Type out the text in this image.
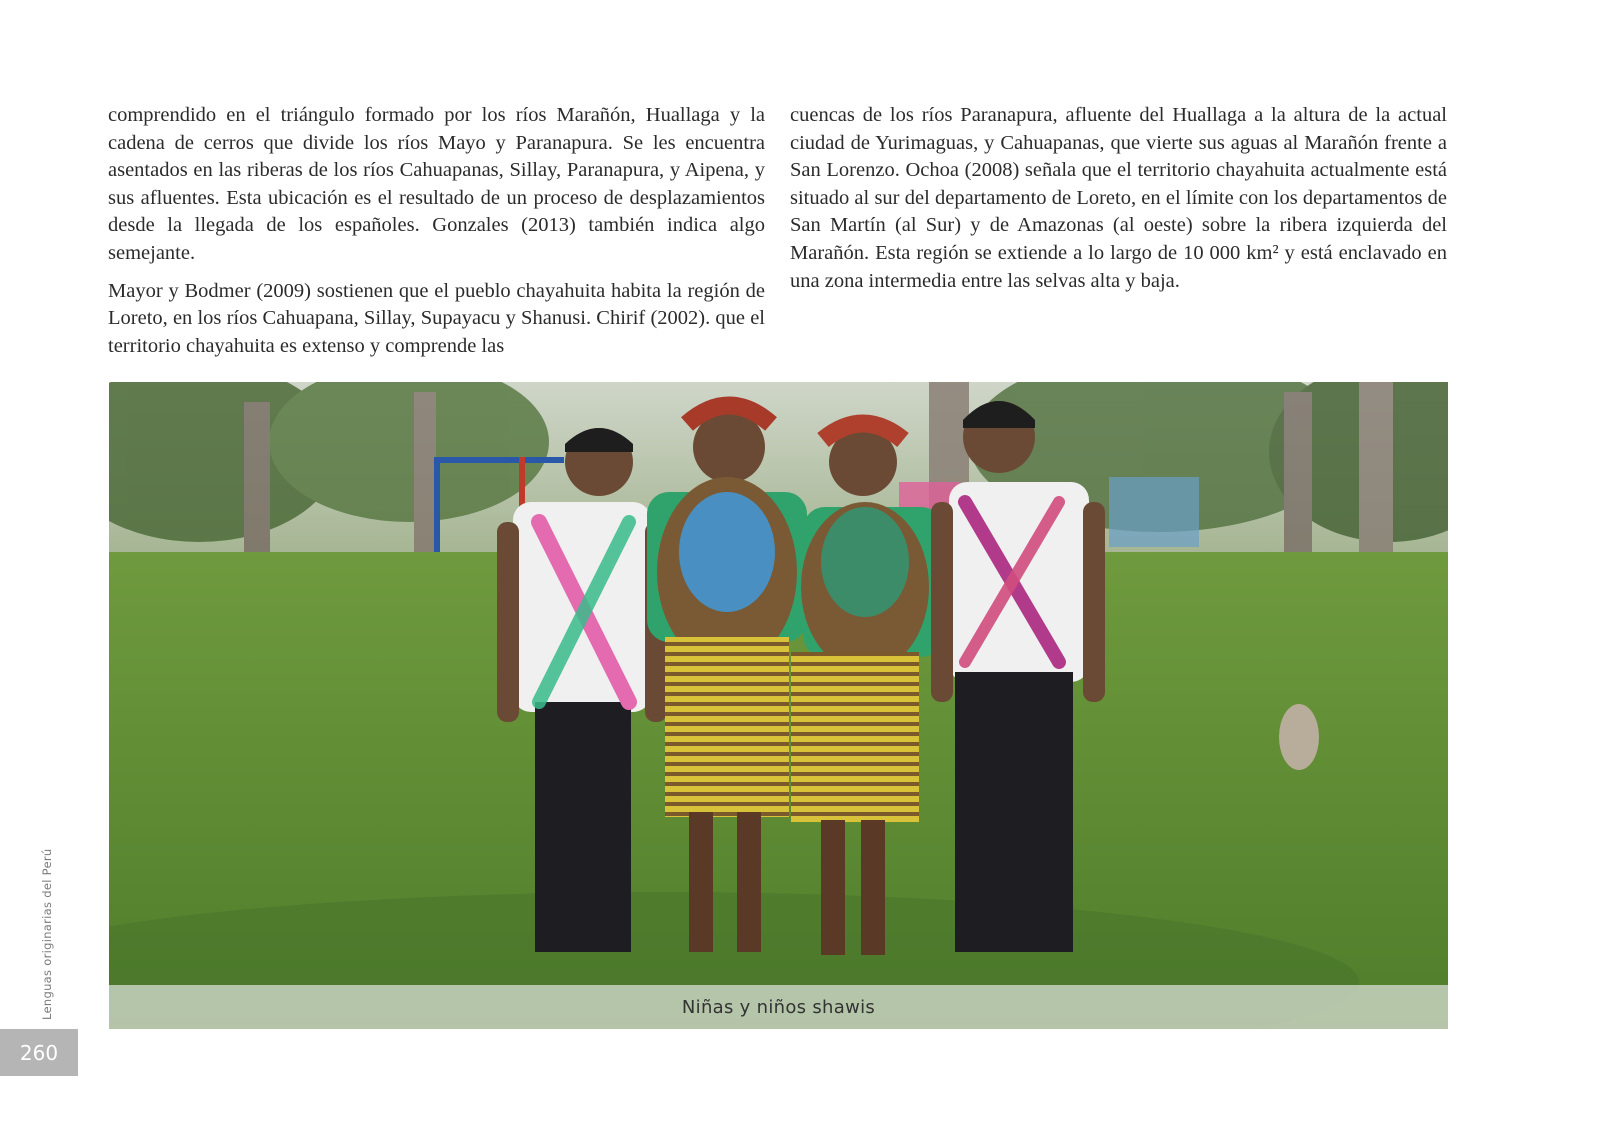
comprendido en el triángulo formado por los ríos Marañón, Huallaga y la cadena de cerros que divide los ríos Mayo y Paranapura. Se les encuentra asentados en las riberas de los ríos Cahuapanas, Sillay, Paranapura, y Aipena, y sus afluentes. Esta ubicación es el resultado de un proceso de desplazamientos desde la llegada de los españoles. Gonzales (2013) también indica algo semejante.

Mayor y Bodmer (2009) sostienen que el pueblo chayahuita habita la región de Loreto, en los ríos Cahuapana, Sillay, Supayacu y Shanusi. Chirif (2002). que el territorio chayahuita es extenso y comprende las

cuencas de los ríos Paranapura, afluente del Huallaga a la altura de la actual ciudad de Yurimaguas, y Cahuapanas, que vierte sus aguas al Marañón frente a San Lorenzo. Ochoa (2008) señala que el territorio chayahuita actualmente está situado al sur del departamento de Loreto, en el límite con los departamentos de San Martín (al Sur) y de Amazonas (al oeste) sobre la ribera izquierda del Marañón. Esta región se extiende a lo largo de 10 000 km² y está enclavado en una zona intermedia entre las selvas alta y baja.

Niñas y niños shawis
Lenguas originarias del Perú
260
